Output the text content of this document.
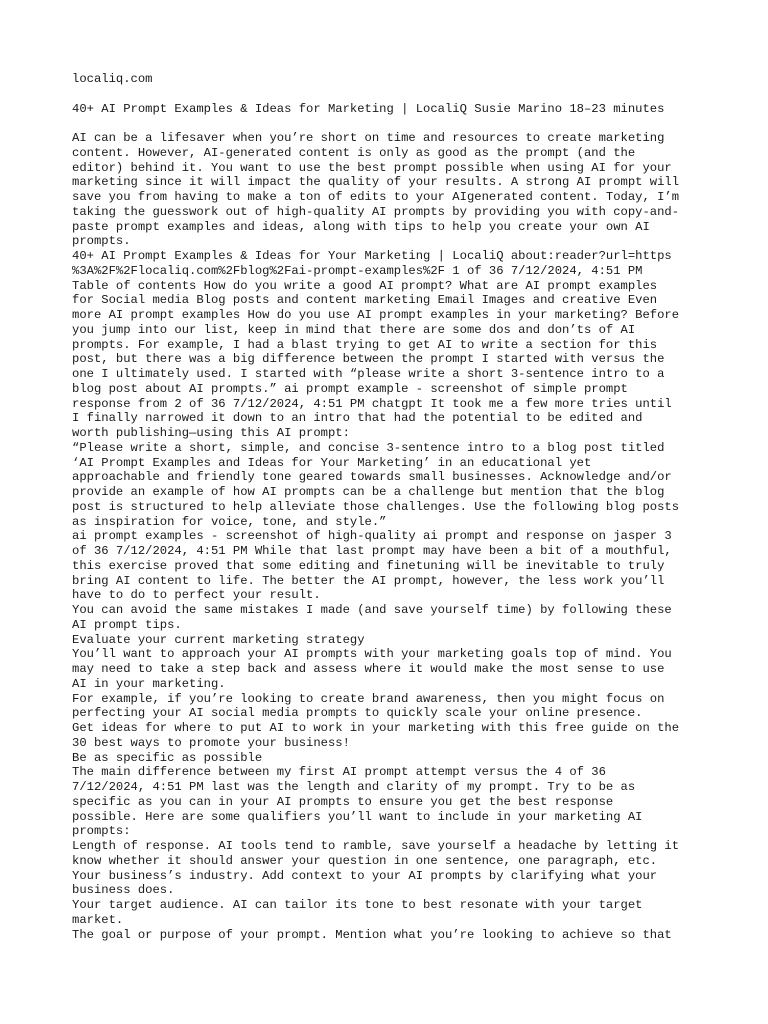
localiq.com
40+ AI Prompt Examples & Ideas for Marketing | LocaliQ Susie Marino 18–23 minutes
AI can be a lifesaver when you’re short on time and resources to create marketing
content. However, AI-generated content is only as good as the prompt (and the
editor) behind it. You want to use the best prompt possible when using AI for your
marketing since it will impact the quality of your results. A strong AI prompt will
save you from having to make a ton of edits to your AIgenerated content. Today, I’m
taking the guesswork out of high-quality AI prompts by providing you with copy-and-
paste prompt examples and ideas, along with tips to help you create your own AI
prompts.
40+ AI Prompt Examples & Ideas for Your Marketing | LocaliQ about:reader?url=https
%3A%2F%2Flocaliq.com%2Fblog%2Fai-prompt-examples%2F 1 of 36 7/12/2024, 4:51 PM
Table of contents How do you write a good AI prompt? What are AI prompt examples
for Social media Blog posts and content marketing Email Images and creative Even
more AI prompt examples How do you use AI prompt examples in your marketing? Before
you jump into our list, keep in mind that there are some dos and don’ts of AI
prompts. For example, I had a blast trying to get AI to write a section for this
post, but there was a big difference between the prompt I started with versus the
one I ultimately used. I started with “please write a short 3-sentence intro to a
blog post about AI prompts.” ai prompt example - screenshot of simple prompt
response from 2 of 36 7/12/2024, 4:51 PM chatgpt It took me a few more tries until
I finally narrowed it down to an intro that had the potential to be edited and
worth publishing—using this AI prompt:
“Please write a short, simple, and concise 3-sentence intro to a blog post titled
‘AI Prompt Examples and Ideas for Your Marketing’ in an educational yet
approachable and friendly tone geared towards small businesses. Acknowledge and/or
provide an example of how AI prompts can be a challenge but mention that the blog
post is structured to help alleviate those challenges. Use the following blog posts
as inspiration for voice, tone, and style.”
ai prompt examples - screenshot of high-quality ai prompt and response on jasper 3
of 36 7/12/2024, 4:51 PM While that last prompt may have been a bit of a mouthful,
this exercise proved that some editing and finetuning will be inevitable to truly
bring AI content to life. The better the AI prompt, however, the less work you’ll
have to do to perfect your result.
You can avoid the same mistakes I made (and save yourself time) by following these
AI prompt tips.
Evaluate your current marketing strategy
You’ll want to approach your AI prompts with your marketing goals top of mind. You
may need to take a step back and assess where it would make the most sense to use
AI in your marketing.
For example, if you’re looking to create brand awareness, then you might focus on
perfecting your AI social media prompts to quickly scale your online presence.
Get ideas for where to put AI to work in your marketing with this free guide on the
30 best ways to promote your business!
Be as specific as possible
The main difference between my first AI prompt attempt versus the 4 of 36
7/12/2024, 4:51 PM last was the length and clarity of my prompt. Try to be as
specific as you can in your AI prompts to ensure you get the best response
possible. Here are some qualifiers you’ll want to include in your marketing AI
prompts:
Length of response. AI tools tend to ramble, save yourself a headache by letting it
know whether it should answer your question in one sentence, one paragraph, etc.
Your business’s industry. Add context to your AI prompts by clarifying what your
business does.
Your target audience. AI can tailor its tone to best resonate with your target
market.
The goal or purpose of your prompt. Mention what you’re looking to achieve so that
